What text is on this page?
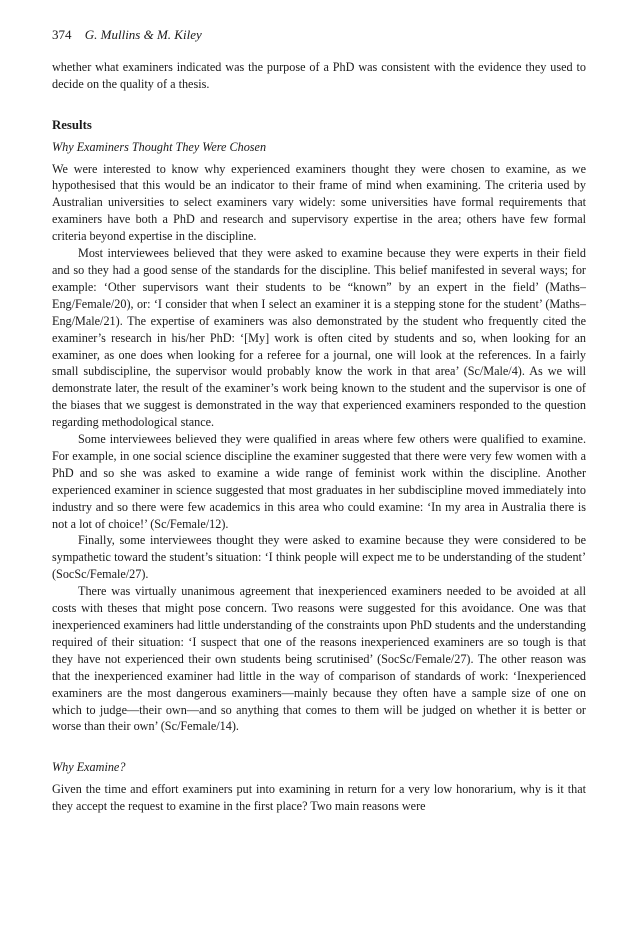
374 G. Mullins & M. Kiley

whether what examiners indicated was the purpose of a PhD was consistent with the evidence they used to decide on the quality of a thesis.

Results
Why Examiners Thought They Were Chosen

We were interested to know why experienced examiners thought they were chosen to examine, as we hypothesised that this would be an indicator to their frame of mind when examining. The criteria used by Australian universities to select examiners vary widely: some universities have formal requirements that examiners have both a PhD and research and supervisory expertise in the area; others have few formal criteria beyond expertise in the discipline.

Most interviewees believed that they were asked to examine because they were experts in their field and so they had a good sense of the standards for the discipline. This belief manifested in several ways; for example: ‘Other supervisors want their students to be “known” by an expert in the field’ (Maths–Eng/Female/20), or: ‘I consider that when I select an examiner it is a stepping stone for the student’ (Maths–Eng/Male/21). The expertise of examiners was also demonstrated by the student who frequently cited the examiner’s research in his/her PhD: ‘[My] work is often cited by students and so, when looking for an examiner, as one does when looking for a referee for a journal, one will look at the references. In a fairly small subdiscipline, the supervisor would probably know the work in that area’ (Sc/Male/4). As we will demonstrate later, the result of the examiner’s work being known to the student and the supervisor is one of the biases that we suggest is demonstrated in the way that experienced examiners responded to the question regarding methodological stance.

Some interviewees believed they were qualified in areas where few others were qualified to examine. For example, in one social science discipline the examiner suggested that there were very few women with a PhD and so she was asked to examine a wide range of feminist work within the discipline. Another experienced examiner in science suggested that most graduates in her subdiscipline moved immediately into industry and so there were few academics in this area who could examine: ‘In my area in Australia there is not a lot of choice!’ (Sc/Female/12).

Finally, some interviewees thought they were asked to examine because they were considered to be sympathetic toward the student’s situation: ‘I think people will expect me to be understanding of the student’ (SocSc/Female/27).

There was virtually unanimous agreement that inexperienced examiners needed to be avoided at all costs with theses that might pose concern. Two reasons were suggested for this avoidance. One was that inexperienced examiners had little understanding of the constraints upon PhD students and the understanding required of their situation: ‘I suspect that one of the reasons inexperienced examiners are so tough is that they have not experienced their own students being scrutinised’ (SocSc/Female/27). The other reason was that the inexperienced examiner had little in the way of comparison of standards of work: ‘Inexperienced examiners are the most dangerous examiners—mainly because they often have a sample size of one on which to judge—their own—and so anything that comes to them will be judged on whether it is better or worse than their own’ (Sc/Female/14).

Why Examine?

Given the time and effort examiners put into examining in return for a very low honorarium, why is it that they accept the request to examine in the first place? Two main reasons were
